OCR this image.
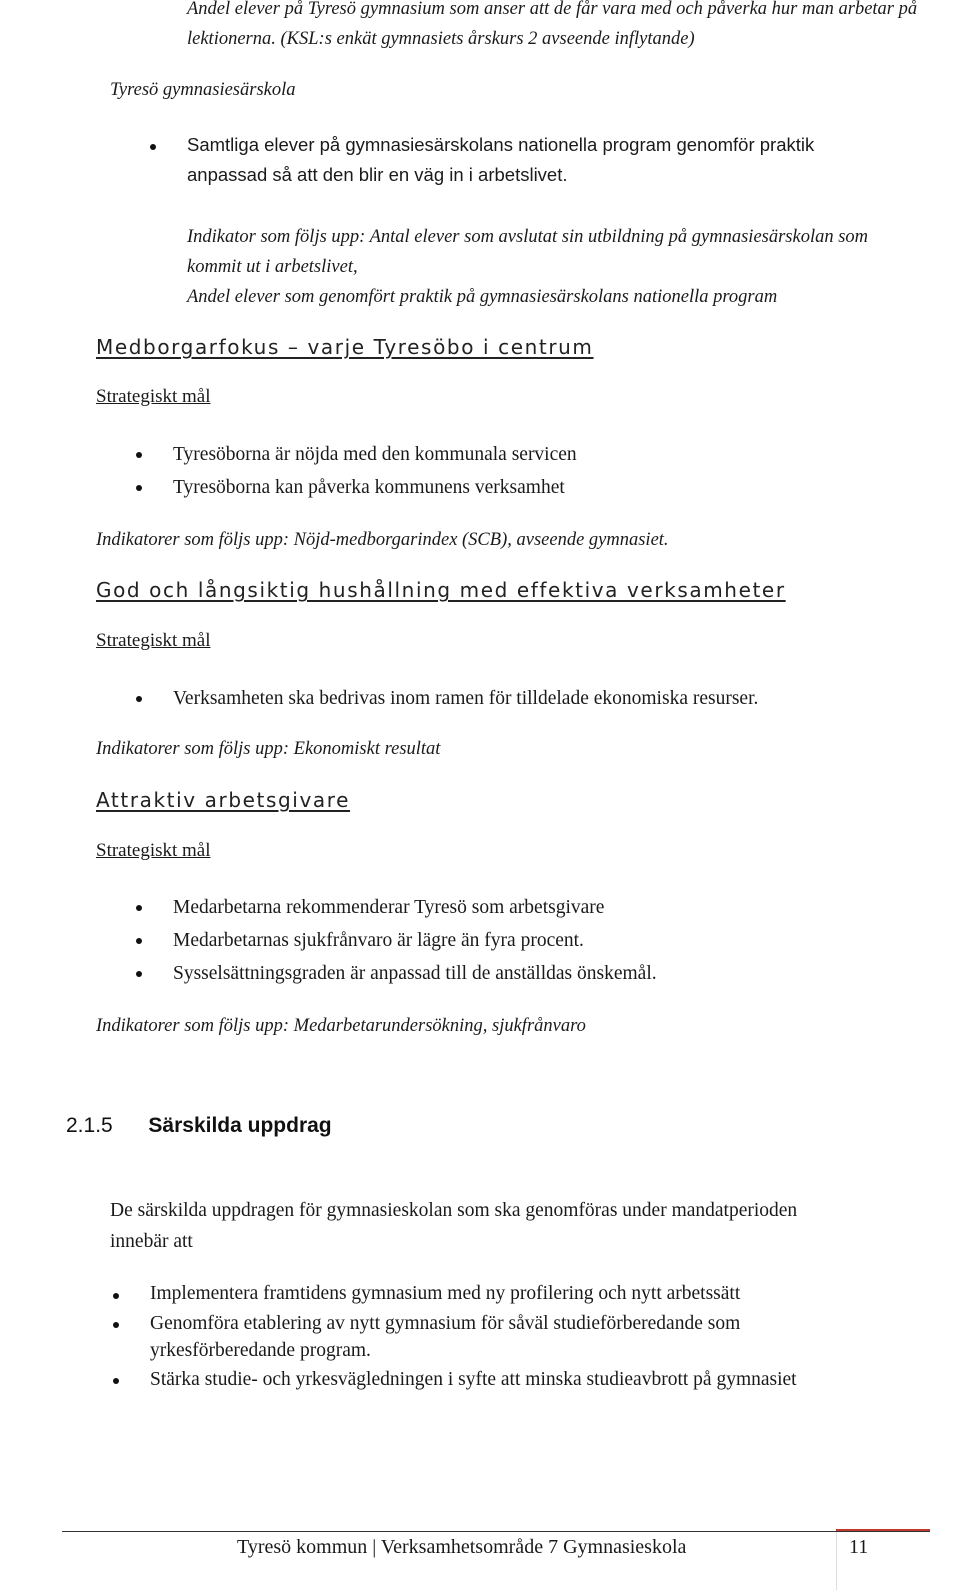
Andel elever på Tyresö gymnasium som anser att de får vara med och påverka hur man arbetar på

lektionerna. (KSL:s enkät gymnasiets årskurs 2 avseende inflytande)

Tyresö gymnasiesärskola

Samtliga elever på gymnasiesärskolans nationella program genomför praktik
anpassad så att den blir en väg in i arbetslivet.

Indikator som följs upp: Antal elever som avslutat sin utbildning på gymnasiesärskolan som

kommit ut i arbetslivet,

Andel elever som genomfört praktik på gymnasiesärskolans nationella program

Medborgarfokus – varje Tyresöbo i centrum

Strategiskt mål

Tyresöborna är nöjda med den kommunala servicen
Tyresöborna kan påverka kommunens verksamhet

Indikatorer som följs upp: Nöjd-medborgarindex (SCB), avseende gymnasiet.

God och långsiktig hushållning med effektiva verksamheter

Strategiskt mål

Verksamheten ska bedrivas inom ramen för tilldelade ekonomiska resurser.

Indikatorer som följs upp: Ekonomiskt resultat

Attraktiv arbetsgivare

Strategiskt mål

Medarbetarna rekommenderar Tyresö som arbetsgivare
Medarbetarnas sjukfrånvaro är lägre än fyra procent.
Sysselsättningsgraden är anpassad till de anställdas önskemål.

Indikatorer som följs upp: Medarbetarundersökning, sjukfrånvaro

2.1.5 Särskilda uppdrag

De särskilda uppdragen för gymnasieskolan som ska genomföras under mandatperioden

innebär att

Implementera framtidens gymnasium med ny profilering och nytt arbetssätt
Genomföra etablering av nytt gymnasium för såväl studieförberedande som
yrkesförberedande program.
Stärka studie- och yrkesvägledningen i syfte att minska studieavbrott på gymnasiet

Tyresö kommun | Verksamhetsområde 7 Gymnasieskola	11
